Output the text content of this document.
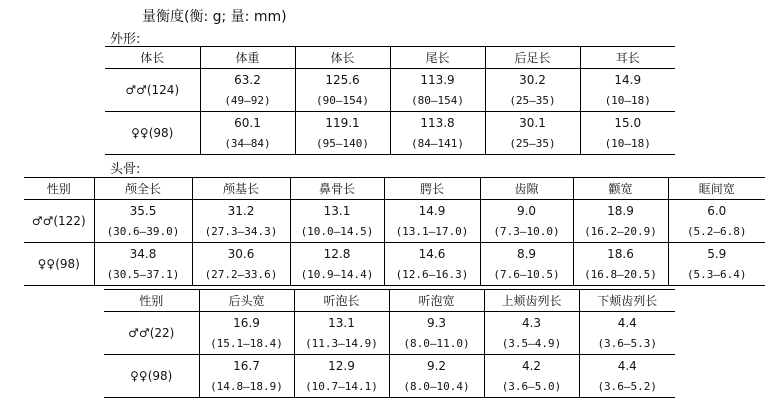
量衡度(衡: g; 量: mm)
外形:
头骨:
体长	体重	体长	尾长	后足长	耳长
♂♂(124)	63.2	125.6	113.9	30.2	14.9
	(49—92)	(90—154)	(80—154)	(25—35)	(10—18)
♀♀(98)	60.1	119.1	113.8	30.1	15.0
	(34—84)	(95—140)	(84—141)	(25—35)	(10—18)
性别	颅全长	颅基长	鼻骨长	腭长	齿隙	颧宽	眶间宽
♂♂(122)	35.5	31.2	13.1	14.9	9.0	18.9	6.0
	(30.6—39.0)	(27.3—34.3)	(10.0—14.5)	(13.1—17.0)	(7.3—10.0)	(16.2—20.9)	(5.2—6.8)
♀♀(98)	34.8	30.6	12.8	14.6	8.9	18.6	5.9
	(30.5—37.1)	(27.2—33.6)	(10.9—14.4)	(12.6—16.3)	(7.6—10.5)	(16.8—20.5)	(5.3—6.4)
性别	后头宽	听泡长	听泡宽	上颊齿列长	下颊齿列长
♂♂(22)	16.9	13.1	9.3	4.3	4.4
	(15.1—18.4)	(11.3—14.9)	(8.0—11.0)	(3.5—4.9)	(3.6—5.3)
♀♀(98)	16.7	12.9	9.2	4.2	4.4
	(14.8—18.9)	(10.7—14.1)	(8.0—10.4)	(3.6—5.0)	(3.6—5.2)
